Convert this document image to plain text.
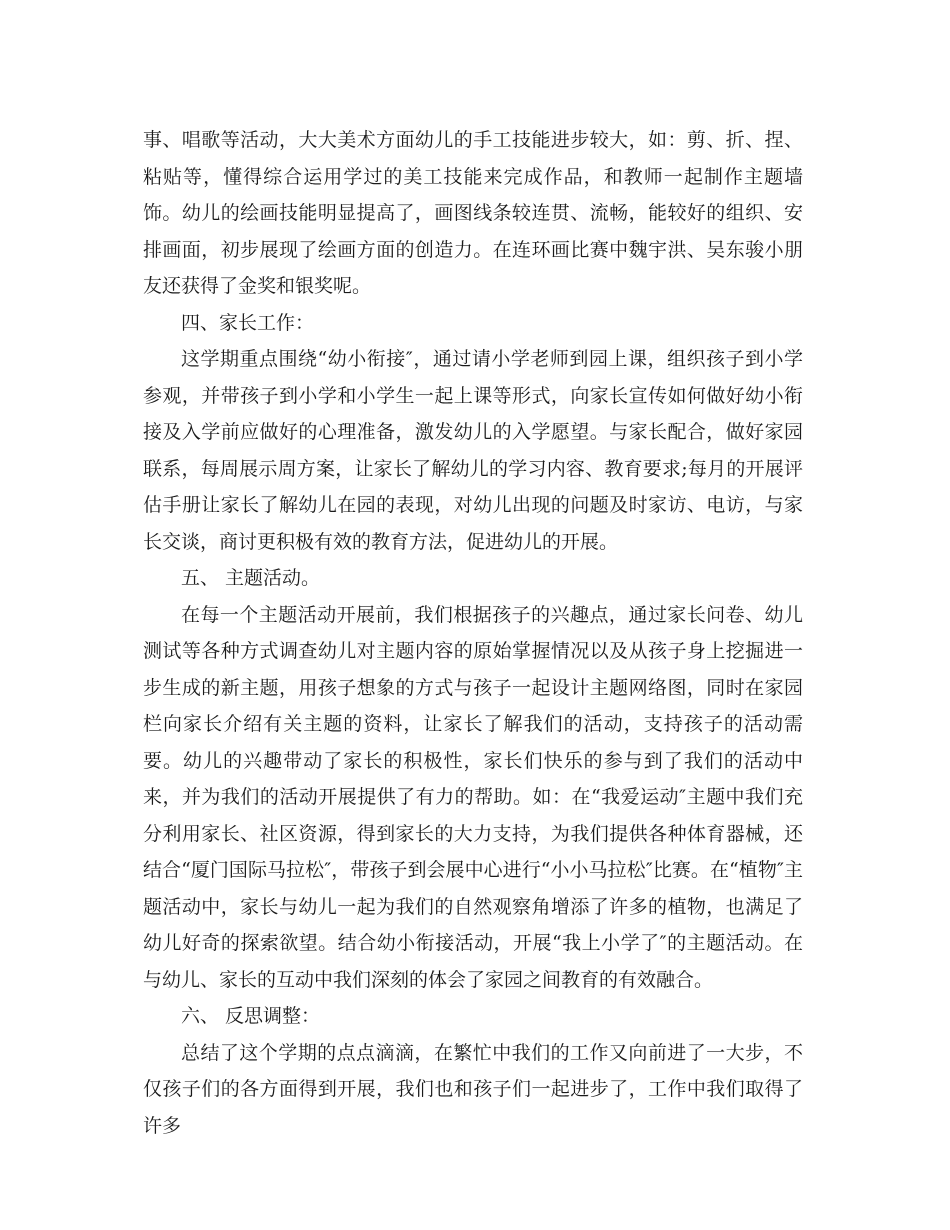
事、唱歌等活动，大大美术方面幼儿的手工技能进步较大，如：剪、折、捏、粘贴等，懂得综合运用学过的美工技能来完成作品，和教师一起制作主题墙饰。幼儿的绘画技能明显提高了，画图线条较连贯、流畅，能较好的组织、安排画面，初步展现了绘画方面的创造力。在连环画比赛中魏宇洪、吴东骏小朋友还获得了金奖和银奖呢。

四、家长工作：

这学期重点围绕“幼小衔接″，通过请小学老师到园上课，组织孩子到小学参观，并带孩子到小学和小学生一起上课等形式，向家长宣传如何做好幼小衔接及入学前应做好的心理准备，激发幼儿的入学愿望。与家长配合，做好家园联系，每周展示周方案，让家长了解幼儿的学习内容、教育要求;每月的开展评估手册让家长了解幼儿在园的表现，对幼儿出现的问题及时家访、电访，与家长交谈，商讨更积极有效的教育方法，促进幼儿的开展。

五、 主题活动。

在每一个主题活动开展前，我们根据孩子的兴趣点，通过家长问卷、幼儿测试等各种方式调查幼儿对主题内容的原始掌握情况以及从孩子身上挖掘进一步生成的新主题，用孩子想象的方式与孩子一起设计主题网络图，同时在家园栏向家长介绍有关主题的资料，让家长了解我们的活动，支持孩子的活动需要。幼儿的兴趣带动了家长的积极性，家长们快乐的参与到了我们的活动中来，并为我们的活动开展提供了有力的帮助。如：在“我爱运动″主题中我们充分利用家长、社区资源，得到家长的大力支持，为我们提供各种体育器械，还结合“厦门国际马拉松″，带孩子到会展中心进行“小小马拉松″比赛。在“植物″主题活动中，家长与幼儿一起为我们的自然观察角增添了许多的植物，也满足了幼儿好奇的探索欲望。结合幼小衔接活动，开展“我上小学了″的主题活动。在与幼儿、家长的互动中我们深刻的体会了家园之间教育的有效融合。

六、 反思调整：

总结了这个学期的点点滴滴，在繁忙中我们的工作又向前进了一大步，不仅孩子们的各方面得到开展，我们也和孩子们一起进步了，工作中我们取得了许多
